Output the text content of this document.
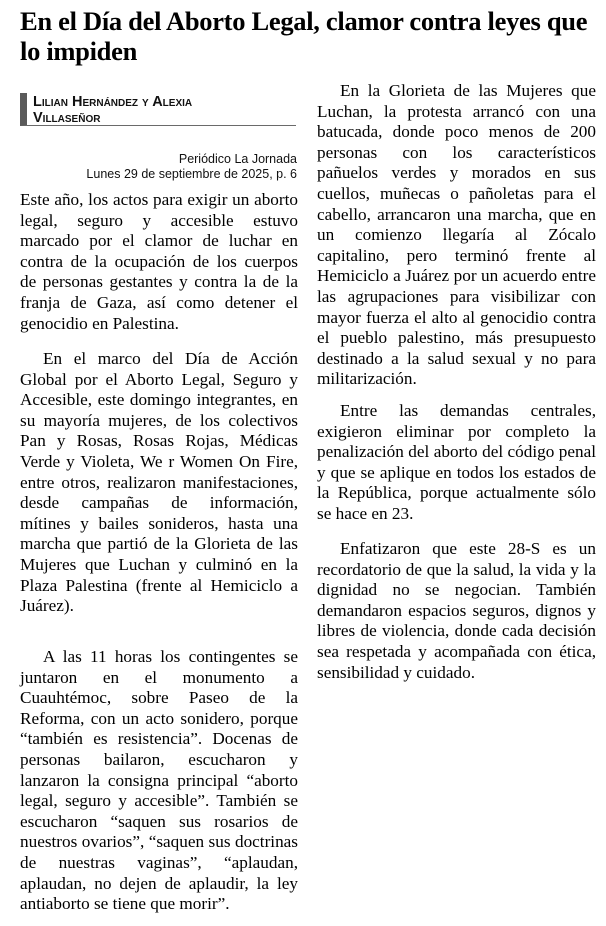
En el Día del Aborto Legal, clamor contra leyes que lo impiden
Lilian Hernández y Alexia
Villaseñor
Periódico La Jornada
Lunes 29 de septiembre de 2025, p. 6

Este año, los actos para exigir un aborto legal, seguro y accesible estuvo marcado por el clamor de luchar en contra de la ocupación de los cuerpos de personas gestantes y contra la de la franja de Gaza, así como detener el genocidio en Palestina.

En el marco del Día de Acción Global por el Aborto Legal, Seguro y Accesible, este domingo integrantes, en su mayoría mujeres, de los colectivos Pan y Rosas, Rosas Rojas, Médicas Verde y Violeta, We r Women On Fire, entre otros, realizaron manifestaciones, desde campañas de información, mítines y bailes sonideros, hasta una marcha que partió de la Glorieta de las Mujeres que Luchan y culminó en la Plaza Palestina (frente al Hemiciclo a Juárez).

A las 11 horas los contingentes se juntaron en el monumento a Cuauhtémoc, sobre Paseo de la Reforma, con un acto sonidero, porque “también es resistencia”. Docenas de personas bailaron, escucharon y lanzaron la consigna principal “aborto legal, seguro y accesible”. También se escucharon “saquen sus rosarios de nuestros ovarios”, “saquen sus doctrinas de nuestras vaginas”, “aplaudan, aplaudan, no dejen de aplaudir, la ley antiaborto se tiene que morir”.

En la Glorieta de las Mujeres que Luchan, la protesta arrancó con una batucada, donde poco menos de 200 personas con los característicos pañuelos verdes y morados en sus cuellos, muñecas o pañoletas para el cabello, arrancaron una marcha, que en un comienzo llegaría al Zócalo capitalino, pero terminó frente al Hemiciclo a Juárez por un acuerdo entre las agrupaciones para visibilizar con mayor fuerza el alto al genocidio contra el pueblo palestino, más presupuesto destinado a la salud sexual y no para militarización.

Entre las demandas centrales, exigieron eliminar por completo la penalización del aborto del código penal y que se aplique en todos los estados de la República, porque actualmente sólo se hace en 23.

Enfatizaron que este 28-S es un recordatorio de que la salud, la vida y la dignidad no se negocian. También demandaron espacios seguros, dignos y libres de violencia, donde cada decisión sea respetada y acompañada con ética, sensibilidad y cuidado.
